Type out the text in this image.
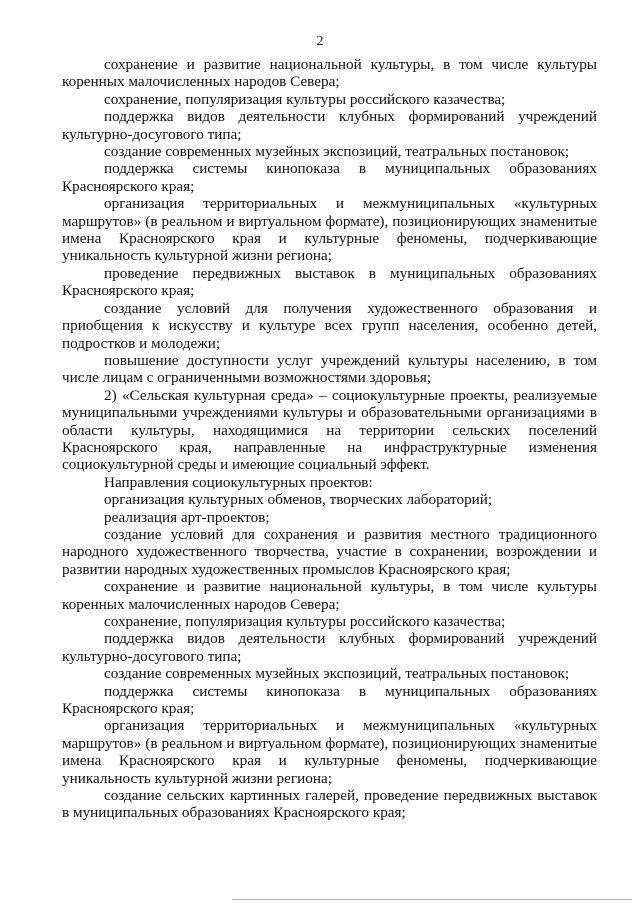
2

сохранение и развитие национальной культуры, в том числе культуры коренных малочисленных народов Севера;

сохранение, популяризация культуры российского казачества;

поддержка видов деятельности клубных формирований учреждений культурно-досугового типа;

создание современных музейных экспозиций, театральных постановок;

поддержка системы кинопоказа в муниципальных образованиях Красноярского края;

организация территориальных и межмуниципальных «культурных маршрутов» (в реальном и виртуальном формате), позиционирующих знаменитые имена Красноярского края и культурные феномены, подчеркивающие уникальность культурной жизни региона;

проведение передвижных выставок в муниципальных образованиях Красноярского края;

создание условий для получения художественного образования и приобщения к искусству и культуре всех групп населения, особенно детей, подростков и молодежи;

повышение доступности услуг учреждений культуры населению, в том числе лицам с ограниченными возможностями здоровья;

2) «Сельская культурная среда» – социокультурные проекты, реализуемые муниципальными учреждениями культуры и образовательными организациями в области культуры, находящимися на территории сельских поселений Красноярского края, направленные на инфраструктурные изменения социокультурной среды и имеющие социальный эффект.

Направления социокультурных проектов:

организация культурных обменов, творческих лабораторий;

реализация арт-проектов;

создание условий для сохранения и развития местного традиционного народного художественного творчества, участие в сохранении, возрождении и развитии народных художественных промыслов Красноярского края;

сохранение и развитие национальной культуры, в том числе культуры коренных малочисленных народов Севера;

сохранение, популяризация культуры российского казачества;

поддержка видов деятельности клубных формирований учреждений культурно-досугового типа;

создание современных музейных экспозиций, театральных постановок;

поддержка системы кинопоказа в муниципальных образованиях Красноярского края;

организация территориальных и межмуниципальных «культурных маршрутов» (в реальном и виртуальном формате), позиционирующих знаменитые имена Красноярского края и культурные феномены, подчеркивающие уникальность культурной жизни региона;

создание сельских картинных галерей, проведение передвижных выставок в муниципальных образованиях Красноярского края;
